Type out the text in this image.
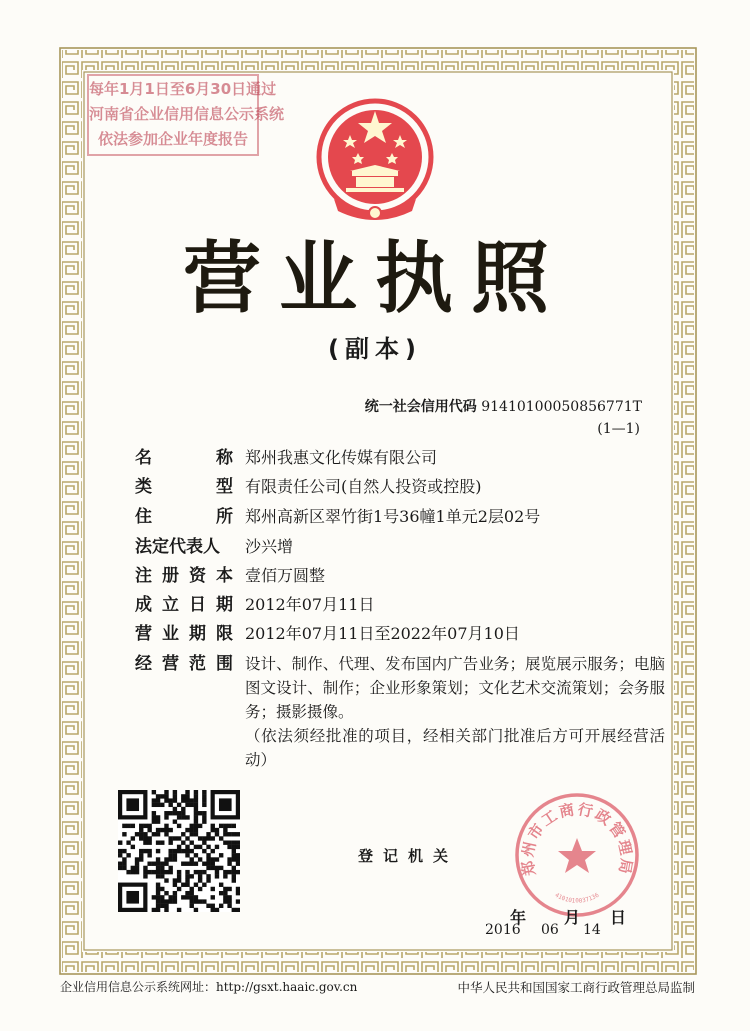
每年1月1日至6月30日通过
河南省企业信用信息公示系统
依法参加企业年度报告
营业执照
(副本)
统一社会信用代码 91410100050856771T
(1—1)
名	称 郑州我惠文化传媒有限公司
类	型 有限责任公司(自然人投资或控股)
住	所 郑州高新区翠竹街1号36幢1单元2层02号
法定代表人 沙兴增
注 册 资 本 壹佰万圆整
成 立 日 期 2012年07月11日
营 业 期 限 2012年07月11日至2022年07月10日
经 营 范 围 设计、制作、代理、发布国内广告业务；展览展示服务；电脑图文设计、制作；企业形象策划；文化艺术交流策划；会务服务；摄影摄像。

（依法须经批准的项目，经相关部门批准后方可开展经营活动）

登记机关
郑州市工商行政管理局
4101010037136
年 月 日
2016 06 14
企业信用信息公示系统网址：http://gsxt.haaic.gov.cn	中华人民共和国国家工商行政管理总局监制
